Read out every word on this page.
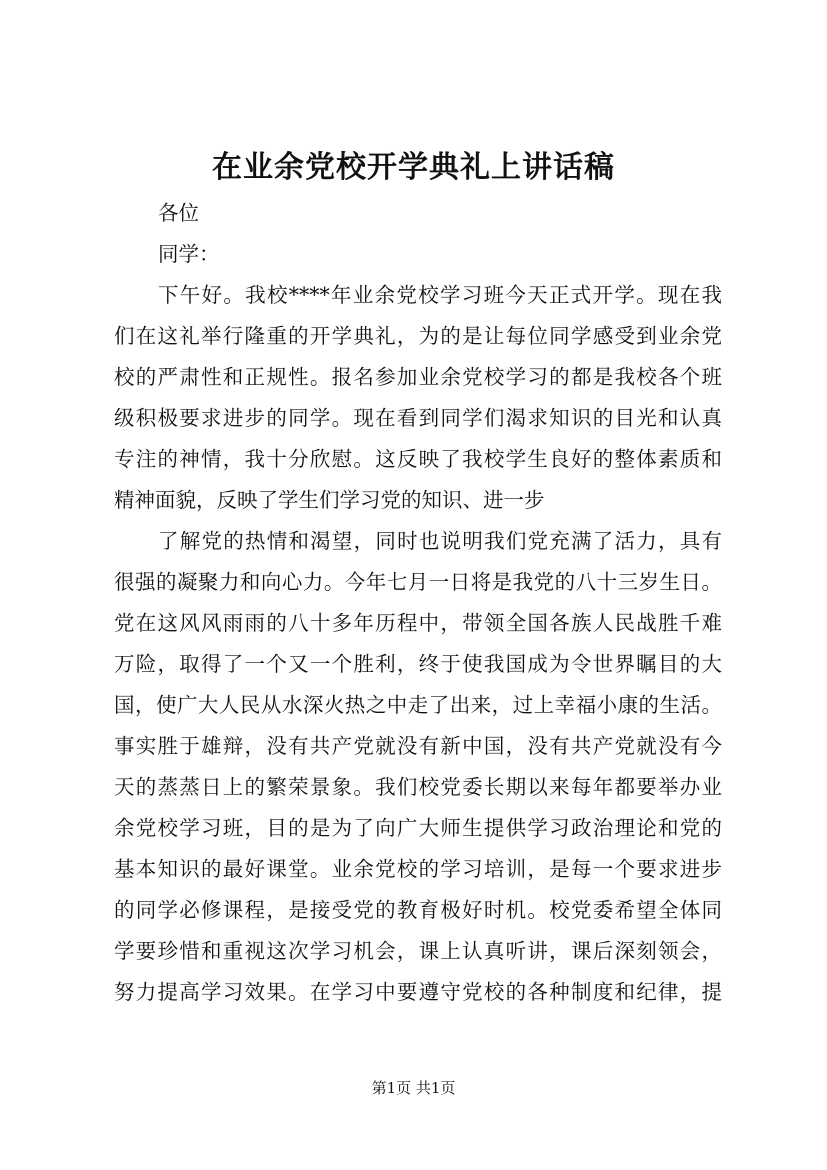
在业余党校开学典礼上讲话稿
各位
同学：
下午好。我校****年业余党校学习班今天正式开学。现在我
们在这礼举行隆重的开学典礼，为的是让每位同学感受到业余党
校的严肃性和正规性。报名参加业余党校学习的都是我校各个班
级积极要求进步的同学。现在看到同学们渴求知识的目光和认真
专注的神情，我十分欣慰。这反映了我校学生良好的整体素质和
精神面貌，反映了学生们学习党的知识、进一步
了解党的热情和渴望，同时也说明我们党充满了活力，具有
很强的凝聚力和向心力。今年七月一日将是我党的八十三岁生日。
党在这风风雨雨的八十多年历程中，带领全国各族人民战胜千难
万险，取得了一个又一个胜利，终于使我国成为令世界瞩目的大
国，使广大人民从水深火热之中走了出来，过上幸福小康的生活。
事实胜于雄辩，没有共产党就没有新中国，没有共产党就没有今
天的蒸蒸日上的繁荣景象。我们校党委长期以来每年都要举办业
余党校学习班，目的是为了向广大师生提供学习政治理论和党的
基本知识的最好课堂。业余党校的学习培训，是每一个要求进步
的同学必修课程，是接受党的教育极好时机。校党委希望全体同
学要珍惜和重视这次学习机会，课上认真听讲，课后深刻领会，
努力提高学习效果。在学习中要遵守党校的各种制度和纪律，提
第1页 共1页
